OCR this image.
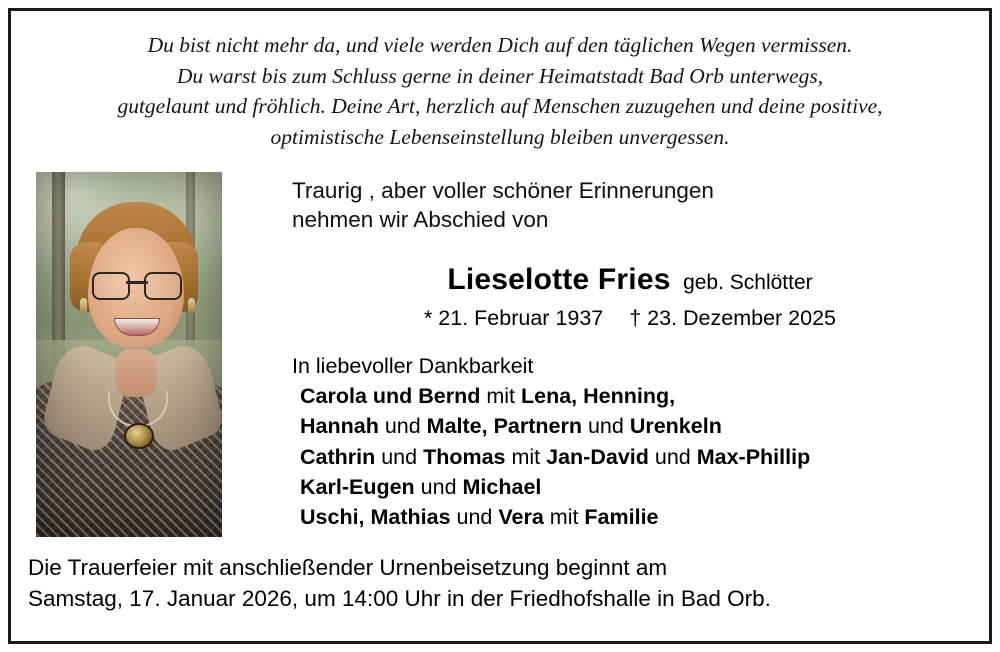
Du bist nicht mehr da, und viele werden Dich auf den täglichen Wegen vermissen.
Du warst bis zum Schluss gerne in deiner Heimatstadt Bad Orb unterwegs,
gutgelaunt und fröhlich. Deine Art, herzlich auf Menschen zuzugehen und deine positive,
optimistische Lebenseinstellung bleiben unvergessen.
Traurig , aber voller schöner Erinnerungen
nehmen wir Abschied von
Lieselotte Fries geb. Schlötter
* 21. Februar 1937 † 23. Dezember 2025
In liebevoller Dankbarkeit
Carola und Bernd mit Lena, Henning,
Hannah und Malte, Partnern und Urenkeln
Cathrin und Thomas mit Jan-David und Max-Phillip
Karl-Eugen und Michael
Uschi, Mathias und Vera mit Familie
Die Trauerfeier mit anschließender Urnenbeisetzung beginnt am
Samstag, 17. Januar 2026, um 14:00 Uhr in der Friedhofshalle in Bad Orb.
